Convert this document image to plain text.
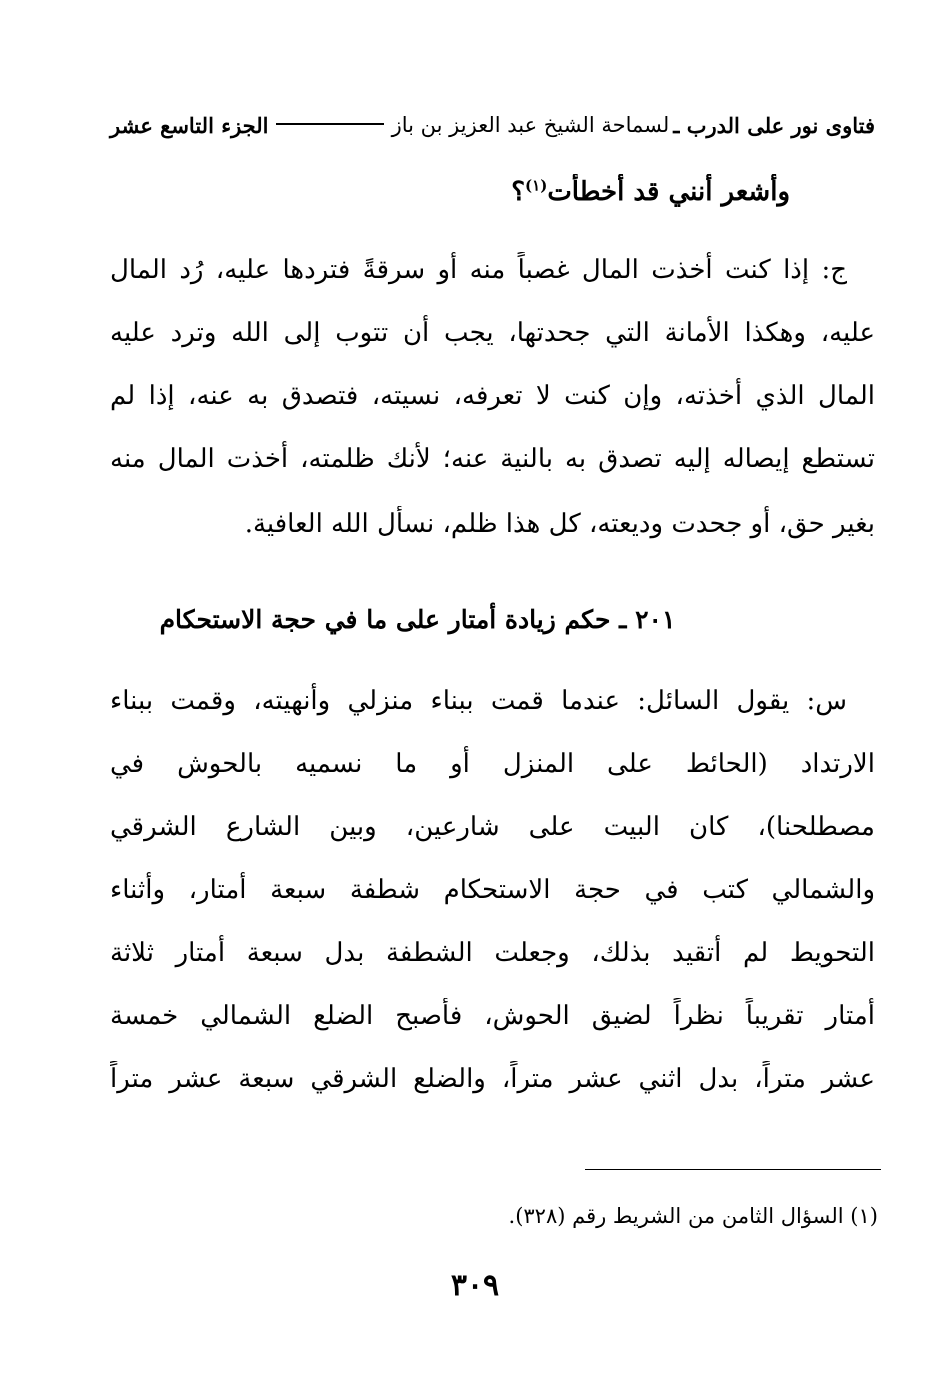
فتاوى نور على الدرب ـ
لسماحة الشيخ عبد العزيز بن باز
الجزء التاسع عشر
وأشعر أنني قد أخطأت$^{(١)}$؟
ج: إذا كنت أخذت المال غصباً منه أو سرقةً فتردها عليه، رُد المال
عليه، وهكذا الأمانة التي جحدتها، يجب أن تتوب إلى الله وترد عليه
المال الذي أخذته، وإن كنت لا تعرفه، نسيته، فتصدق به عنه، إذا لم
تستطع إيصاله إليه تصدق به بالنية عنه؛ لأنك ظلمته، أخذت المال منه
بغير حق، أو جحدت وديعته، كل هذا ظلم، نسأل الله العافية.
٢٠١ ـ حكم زيادة أمتار على ما في حجة الاستحكام
س: يقول السائل: عندما قمت ببناء منزلي وأنهيته، وقمت ببناء
الارتداد (الحائط على المنزل أو ما نسميه بالحوش في
مصطلحنا)، كان البيت على شارعين، وبين الشارع الشرقي
والشمالي كتب في حجة الاستحكام شطفة سبعة أمتار، وأثناء
التحويط لم أتقيد بذلك، وجعلت الشطفة بدل سبعة أمتار ثلاثة
أمتار تقريباً نظراً لضيق الحوش، فأصبح الضلع الشمالي خمسة
عشر متراً، بدل اثني عشر متراً، والضلع الشرقي سبعة عشر متراً
(١) السؤال الثامن من الشريط رقم (٣٢٨).
٣٠٩
